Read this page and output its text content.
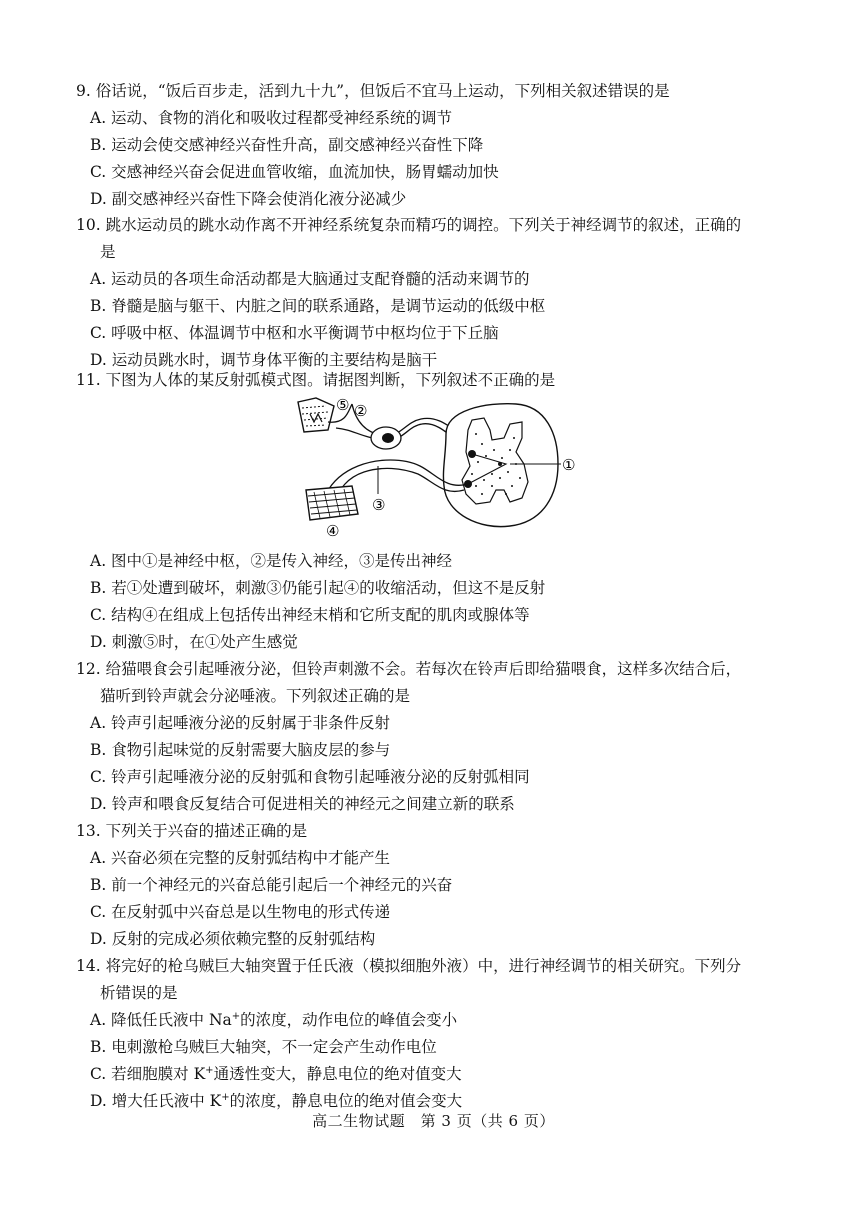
9. 俗话说，“饭后百步走，活到九十九”，但饭后不宜马上运动，下列相关叙述错误的是
A. 运动、食物的消化和吸收过程都受神经系统的调节
B. 运动会使交感神经兴奋性升高，副交感神经兴奋性下降
C. 交感神经兴奋会促进血管收缩，血流加快，肠胃蠕动加快
D. 副交感神经兴奋性下降会使消化液分泌减少
10. 跳水运动员的跳水动作离不开神经系统复杂而精巧的调控。下列关于神经调节的叙述，正确的
是
A. 运动员的各项生命活动都是大脑通过支配脊髓的活动来调节的
B. 脊髓是脑与躯干、内脏之间的联系通路，是调节运动的低级中枢
C. 呼吸中枢、体温调节中枢和水平衡调节中枢均位于下丘脑
D. 运动员跳水时，调节身体平衡的主要结构是脑干
11. 下图为人体的某反射弧模式图。请据图判断，下列叙述不正确的是
⑤ ②
①
③
④
A. 图中①是神经中枢，②是传入神经，③是传出神经
B. 若①处遭到破坏，刺激③仍能引起④的收缩活动，但这不是反射
C. 结构④在组成上包括传出神经末梢和它所支配的肌肉或腺体等
D. 刺激⑤时，在①处产生感觉
12. 给猫喂食会引起唾液分泌，但铃声刺激不会。若每次在铃声后即给猫喂食，这样多次结合后，
猫听到铃声就会分泌唾液。下列叙述正确的是
A. 铃声引起唾液分泌的反射属于非条件反射
B. 食物引起味觉的反射需要大脑皮层的参与
C. 铃声引起唾液分泌的反射弧和食物引起唾液分泌的反射弧相同
D. 铃声和喂食反复结合可促进相关的神经元之间建立新的联系
13. 下列关于兴奋的描述正确的是
A. 兴奋必须在完整的反射弧结构中才能产生
B. 前一个神经元的兴奋总能引起后一个神经元的兴奋
C. 在反射弧中兴奋总是以生物电的形式传递
D. 反射的完成必须依赖完整的反射弧结构
14. 将完好的枪乌贼巨大轴突置于任氏液（模拟细胞外液）中，进行神经调节的相关研究。下列分
析错误的是
A. 降低任氏液中 Na+的浓度，动作电位的峰值会变小
B. 电刺激枪乌贼巨大轴突，不一定会产生动作电位
C. 若细胞膜对 K+通透性变大，静息电位的绝对值变大
D. 增大任氏液中 K+的浓度，静息电位的绝对值会变大
高二生物试题　第 3 页（共 6 页）
